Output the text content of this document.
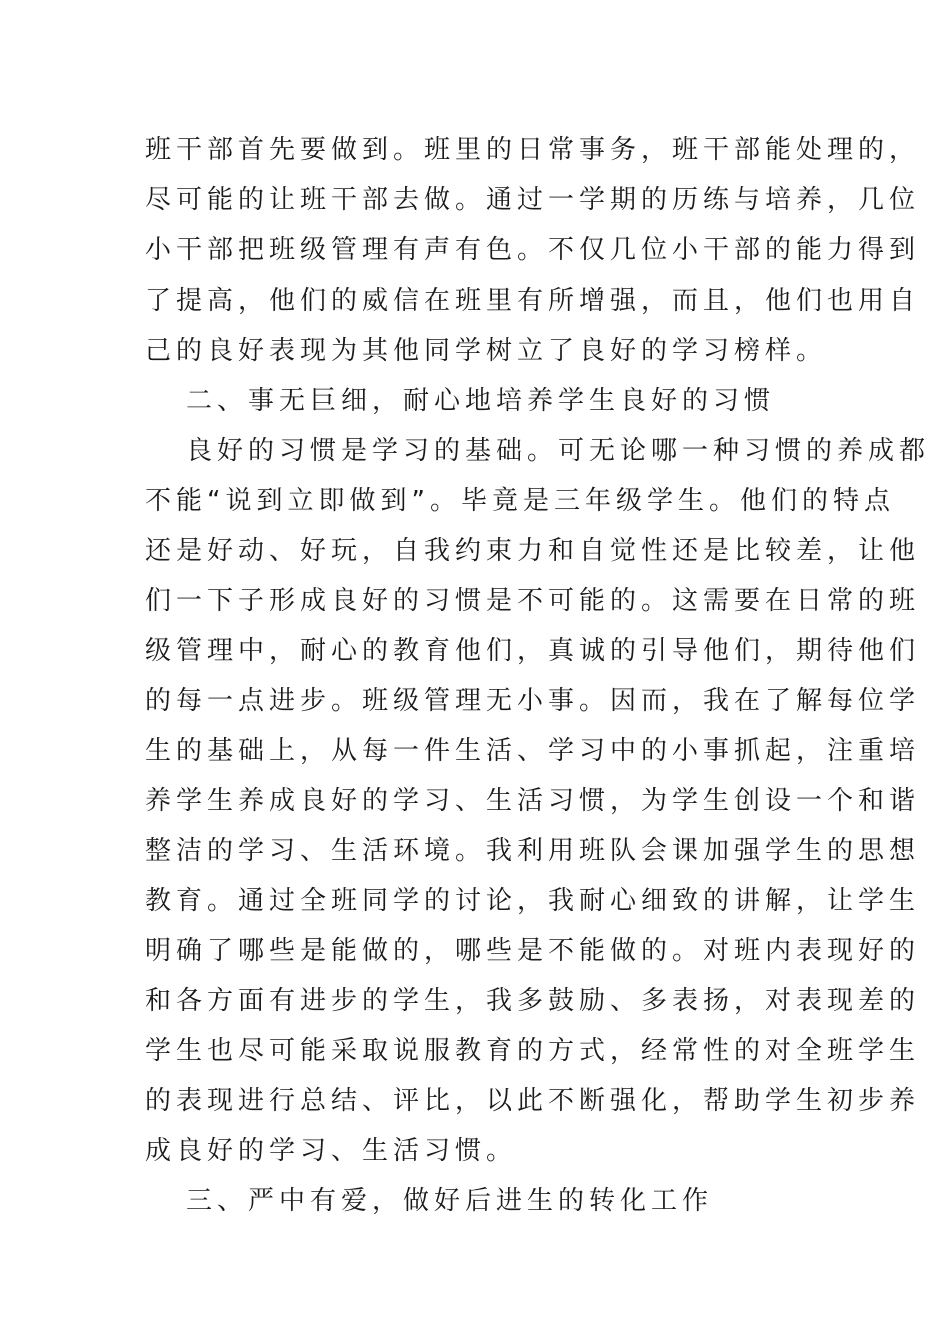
班干部首先要做到。班里的日常事务，班干部能处理的，

尽可能的让班干部去做。通过一学期的历练与培养，几位

小干部把班级管理有声有色。不仅几位小干部的能力得到

了提高，他们的威信在班里有所增强，而且，他们也用自

己的良好表现为其他同学树立了良好的学习榜样。

二、事无巨细，耐心地培养学生良好的习惯

良好的习惯是学习的基础。可无论哪一种习惯的养成都

不能“说到立即做到”。毕竟是三年级学生。他们的特点

还是好动、好玩，自我约束力和自觉性还是比较差，让他

们一下子形成良好的习惯是不可能的。这需要在日常的班

级管理中，耐心的教育他们，真诚的引导他们，期待他们

的每一点进步。班级管理无小事。因而，我在了解每位学

生的基础上，从每一件生活、学习中的小事抓起，注重培

养学生养成良好的学习、生活习惯，为学生创设一个和谐

整洁的学习、生活环境。我利用班队会课加强学生的思想

教育。通过全班同学的讨论，我耐心细致的讲解，让学生

明确了哪些是能做的，哪些是不能做的。对班内表现好的

和各方面有进步的学生，我多鼓励、多表扬，对表现差的

学生也尽可能采取说服教育的方式，经常性的对全班学生

的表现进行总结、评比，以此不断强化，帮助学生初步养

成良好的学习、生活习惯。

三、严中有爱，做好后进生的转化工作
